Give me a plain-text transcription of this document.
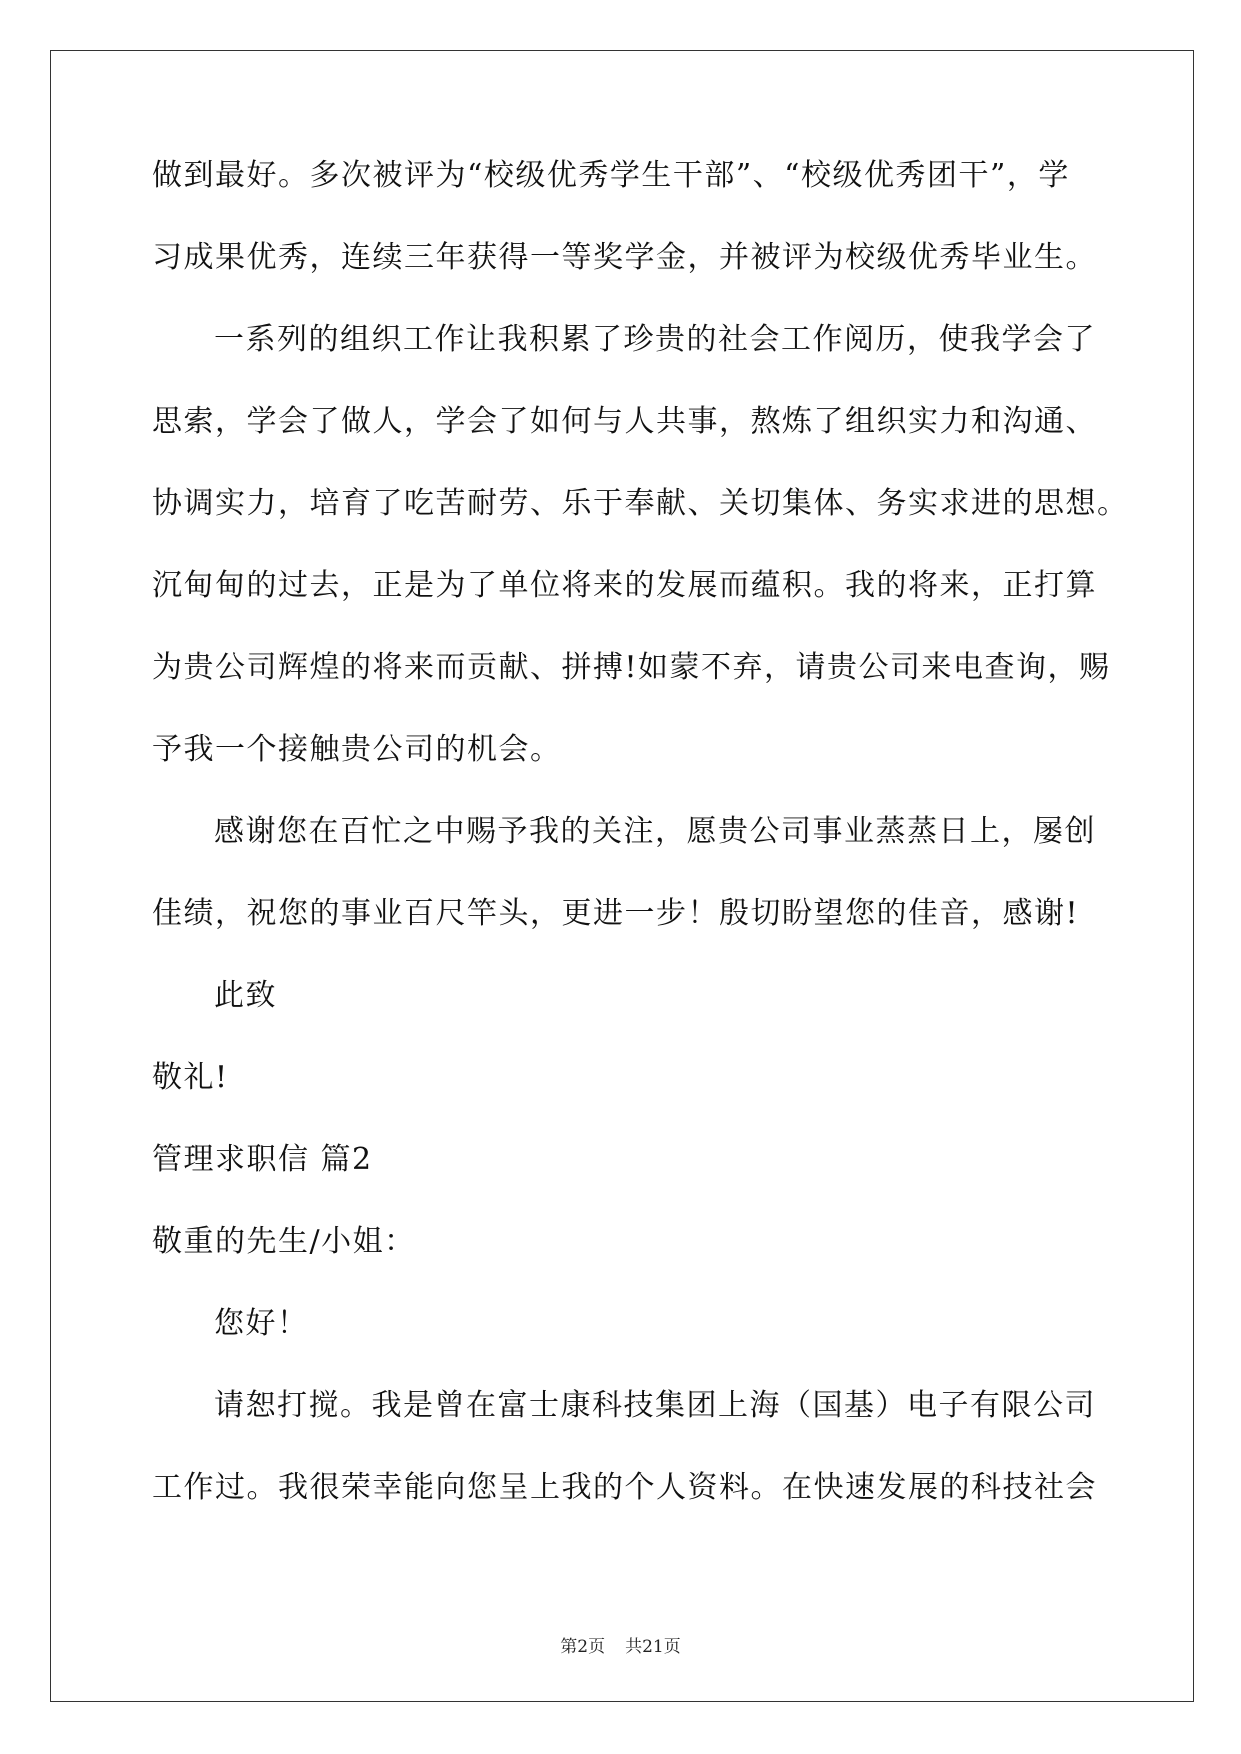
做到最好。多次被评为“校级优秀学生干部”、“校级优秀团干”，学
习成果优秀，连续三年获得一等奖学金，并被评为校级优秀毕业生。
一系列的组织工作让我积累了珍贵的社会工作阅历，使我学会了
思索，学会了做人，学会了如何与人共事，熬炼了组织实力和沟通、
协调实力，培育了吃苦耐劳、乐于奉献、关切集体、务实求进的思想。
沉甸甸的过去，正是为了单位将来的发展而蕴积。我的将来，正打算
为贵公司辉煌的将来而贡献、拼搏!如蒙不弃，请贵公司来电查询，赐
予我一个接触贵公司的机会。
感谢您在百忙之中赐予我的关注，愿贵公司事业蒸蒸日上，屡创
佳绩，祝您的事业百尺竿头，更进一步！殷切盼望您的佳音，感谢!
此致
敬礼!
管理求职信 篇2
敬重的先生/小姐：
您好！
请恕打搅。我是曾在富士康科技集团上海（国基）电子有限公司
工作过。我很荣幸能向您呈上我的个人资料。在快速发展的科技社会
第2页 共21页
